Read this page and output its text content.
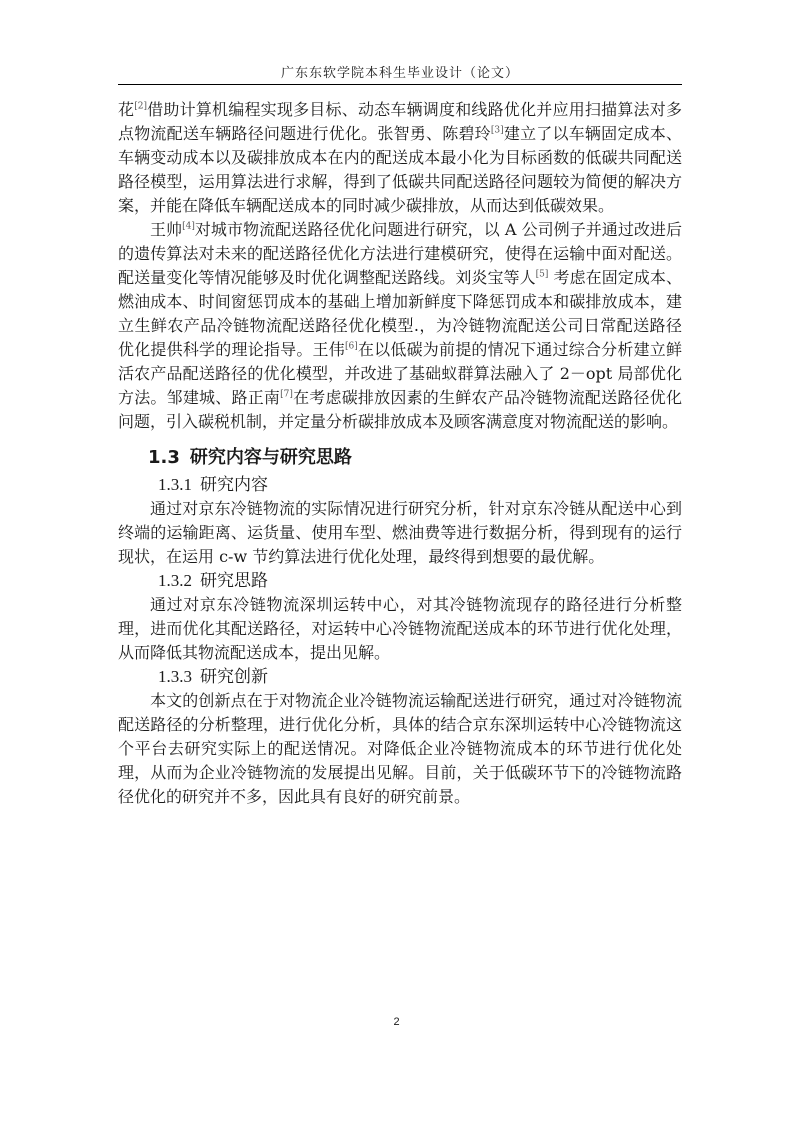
广东东软学院本科生毕业设计（论文）

花[2]借助计算机编程实现多目标、动态车辆调度和线路优化并应用扫描算法对多点物流配送车辆路径问题进行优化。张智勇、陈碧玲[3]建立了以车辆固定成本、车辆变动成本以及碳排放成本在内的配送成本最小化为目标函数的低碳共同配送路径模型，运用算法进行求解，得到了低碳共同配送路径问题较为简便的解决方案，并能在降低车辆配送成本的同时减少碳排放，从而达到低碳效果。

王帅[4]对城市物流配送路径优化问题进行研究，以 A 公司例子并通过改进后的遗传算法对未来的配送路径优化方法进行建模研究，使得在运输中面对配送。配送量变化等情况能够及时优化调整配送路线。刘炎宝等人[5] 考虑在固定成本、燃油成本、时间窗惩罚成本的基础上增加新鲜度下降惩罚成本和碳排放成本，建立生鲜农产品冷链物流配送路径优化模型.，为冷链物流配送公司日常配送路径优化提供科学的理论指导。王伟[6]在以低碳为前提的情况下通过综合分析建立鲜活农产品配送路径的优化模型，并改进了基础蚁群算法融入了 2－opt 局部优化方法。邹建城、路正南[7]在考虑碳排放因素的生鲜农产品冷链物流配送路径优化问题，引入碳税机制，并定量分析碳排放成本及顾客满意度对物流配送的影响。

1.3 研究内容与研究思路
1.3.1 研究内容

通过对京东冷链物流的实际情况进行研究分析，针对京东冷链从配送中心到终端的运输距离、运货量、使用车型、燃油费等进行数据分析，得到现有的运行现状，在运用 c-w 节约算法进行优化处理，最终得到想要的最优解。

1.3.2 研究思路

通过对京东冷链物流深圳运转中心，对其冷链物流现存的路径进行分析整理，进而优化其配送路径，对运转中心冷链物流配送成本的环节进行优化处理，从而降低其物流配送成本，提出见解。

1.3.3 研究创新

本文的创新点在于对物流企业冷链物流运输配送进行研究，通过对冷链物流配送路径的分析整理，进行优化分析，具体的结合京东深圳运转中心冷链物流这个平台去研究实际上的配送情况。对降低企业冷链物流成本的环节进行优化处理，从而为企业冷链物流的发展提出见解。目前，关于低碳环节下的冷链物流路径优化的研究并不多，因此具有良好的研究前景。

2
